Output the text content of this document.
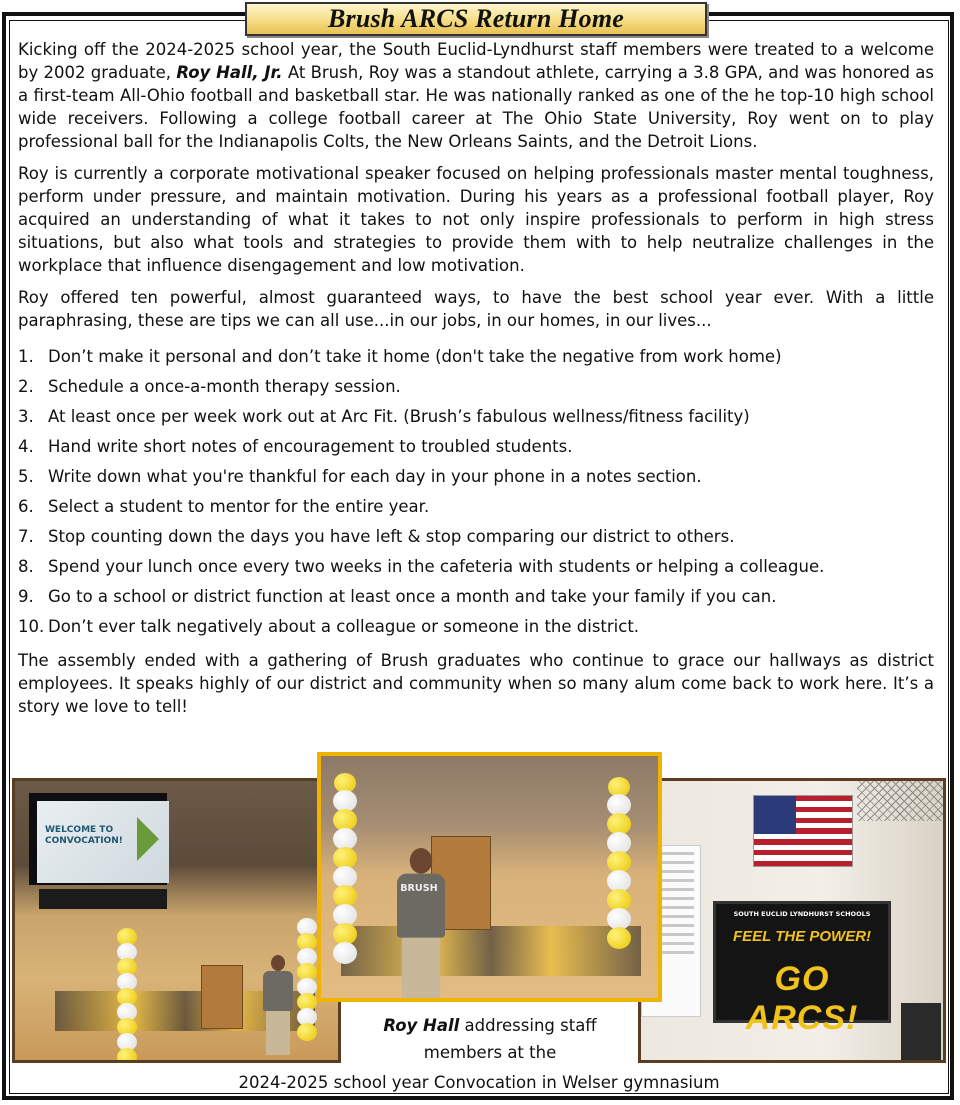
Brush ARCS Return Home

Kicking off the 2024-2025 school year, the South Euclid-Lyndhurst staff members were treated to a welcome by 2002 graduate, Roy Hall, Jr. At Brush, Roy was a standout athlete, carrying a 3.8 GPA, and was honored as a first-team All-Ohio football and basketball star. He was nationally ranked as one of the he top-10 high school wide receivers. Following a college football career at The Ohio State University, Roy went on to play professional ball for the Indianapolis Colts, the New Orleans Saints, and the Detroit Lions.

Roy is currently a corporate motivational speaker focused on helping professionals master mental toughness, perform under pressure, and maintain motivation. During his years as a professional football player, Roy acquired an understanding of what it takes to not only inspire professionals to perform in high stress situations, but also what tools and strategies to provide them with to help neutralize challenges in the workplace that influence disengagement and low motivation.

Roy offered ten powerful, almost guaranteed ways, to have the best school year ever. With a little paraphrasing, these are tips we can all use...in our jobs, in our homes, in our lives...

1. Don’t make it personal and don’t take it home (don't take the negative from work home)
2. Schedule a once-a-month therapy session.
3. At least once per week work out at Arc Fit. (Brush’s fabulous wellness/fitness facility)
4. Hand write short notes of encouragement to troubled students.
5. Write down what you're thankful for each day in your phone in a notes section.
6. Select a student to mentor for the entire year.
7. Stop counting down the days you have left & stop comparing our district to others.
8. Spend your lunch once every two weeks in the cafeteria with students or helping a colleague.
9. Go to a school or district function at least once a month and take your family if you can.
10. Don’t ever talk negatively about a colleague or someone in the district.

The assembly ended with a gathering of Brush graduates who continue to grace our hallways as district employees. It speaks highly of our district and community when so many alum come back to work here. It’s a story we love to tell!

WELCOME TO CONVOCATION!
SOUTH EUCLID LYNDHURST SCHOOLS
FEEL THE POWER!
GO ARCS!
BRUSH
Roy Hall addressing staff members at the
2024-2025 school year Convocation in Welser gymnasium
